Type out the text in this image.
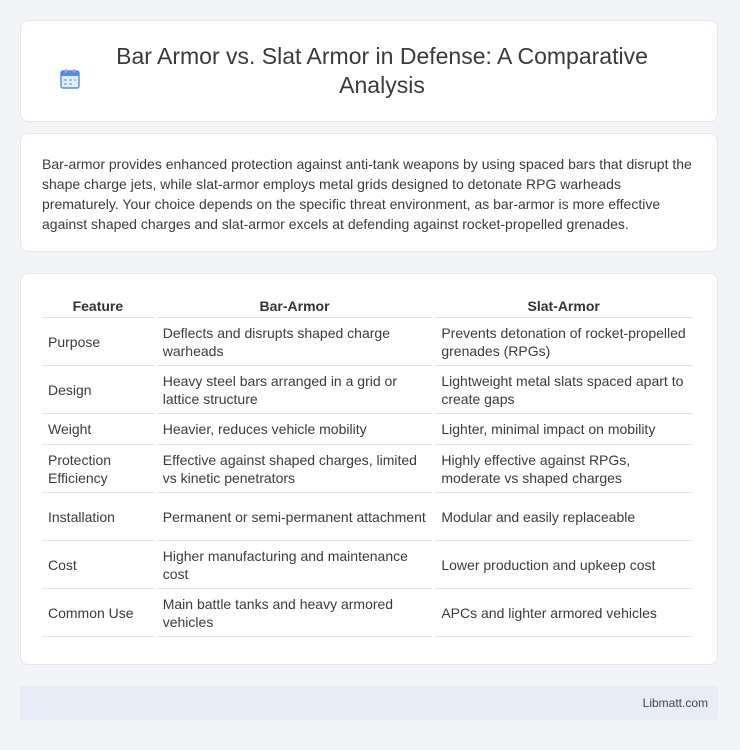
Bar Armor vs. Slat Armor in Defense: A Comparative Analysis

Bar-armor provides enhanced protection against anti-tank weapons by using spaced bars that disrupt the shape charge jets, while slat-armor employs metal grids designed to detonate RPG warheads prematurely. Your choice depends on the specific threat environment, as bar-armor is more effective against shaped charges and slat-armor excels at defending against rocket-propelled grenades.

Feature	Bar-Armor	Slat-Armor
Purpose	Deflects and disrupts shaped charge warheads	Prevents detonation of rocket-propelled grenades (RPGs)
Design	Heavy steel bars arranged in a grid or lattice structure	Lightweight metal slats spaced apart to create gaps
Weight	Heavier, reduces vehicle mobility	Lighter, minimal impact on mobility
Protection Efficiency	Effective against shaped charges, limited vs kinetic penetrators	Highly effective against RPGs, moderate vs shaped charges
Installation	Permanent or semi-permanent attachment	Modular and easily replaceable
Cost	Higher manufacturing and maintenance cost	Lower production and upkeep cost
Common Use	Main battle tanks and heavy armored vehicles	APCs and lighter armored vehicles
Libmatt.com
